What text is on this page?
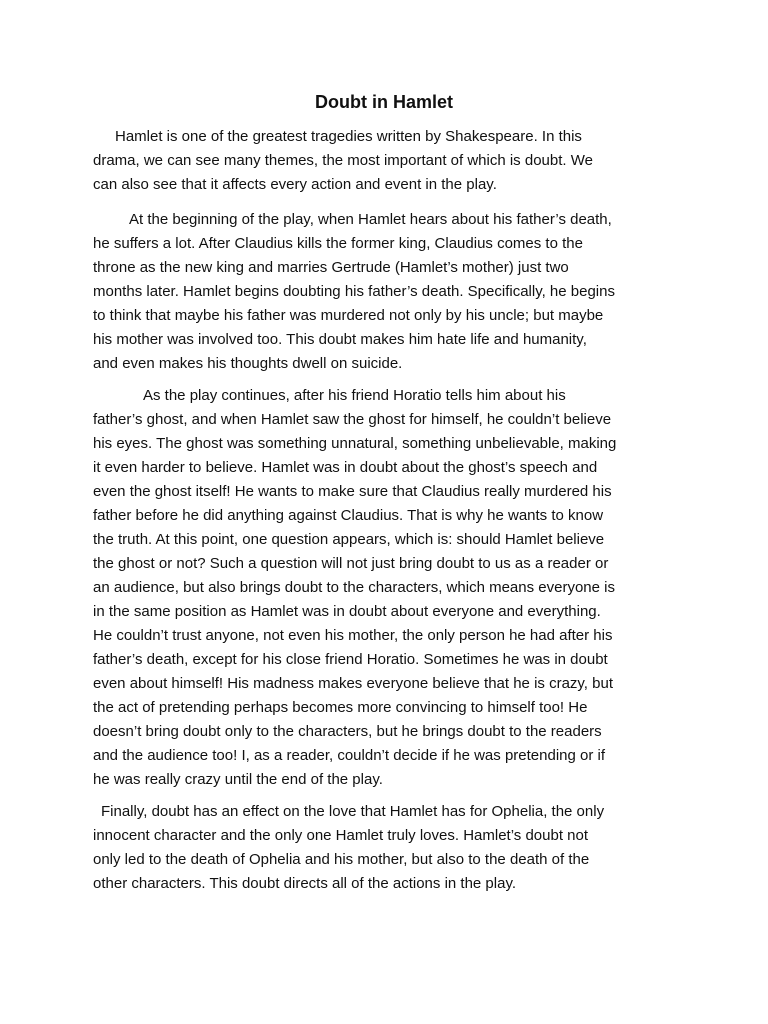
Doubt in Hamlet

Hamlet is one of the greatest tragedies written by Shakespeare. In this
drama, we can see many themes, the most important of which is doubt. We
can also see that it affects every action and event in the play.

At the beginning of the play, when Hamlet hears about his father’s death,
he suffers a lot. After Claudius kills the former king, Claudius comes to the
throne as the new king and marries Gertrude (Hamlet’s mother) just two
months later. Hamlet begins doubting his father’s death. Specifically, he begins
to think that maybe his father was murdered not only by his uncle; but maybe
his mother was involved too. This doubt makes him hate life and humanity,
and even makes his thoughts dwell on suicide.

As the play continues, after his friend Horatio tells him about his
father’s ghost, and when Hamlet saw the ghost for himself, he couldn’t believe
his eyes. The ghost was something unnatural, something unbelievable, making
it even harder to believe. Hamlet was in doubt about the ghost’s speech and
even the ghost itself! He wants to make sure that Claudius really murdered his
father before he did anything against Claudius. That is why he wants to know
the truth. At this point, one question appears, which is: should Hamlet believe
the ghost or not? Such a question will not just bring doubt to us as a reader or
an audience, but also brings doubt to the characters, which means everyone is
in the same position as Hamlet was in doubt about everyone and everything.
He couldn’t trust anyone, not even his mother, the only person he had after his
father’s death, except for his close friend Horatio. Sometimes he was in doubt
even about himself! His madness makes everyone believe that he is crazy, but
the act of pretending perhaps becomes more convincing to himself too! He
doesn’t bring doubt only to the characters, but he brings doubt to the readers
and the audience too! I, as a reader, couldn’t decide if he was pretending or if
he was really crazy until the end of the play.

Finally, doubt has an effect on the love that Hamlet has for Ophelia, the only
innocent character and the only one Hamlet truly loves. Hamlet’s doubt not
only led to the death of Ophelia and his mother, but also to the death of the
other characters. This doubt directs all of the actions in the play.
